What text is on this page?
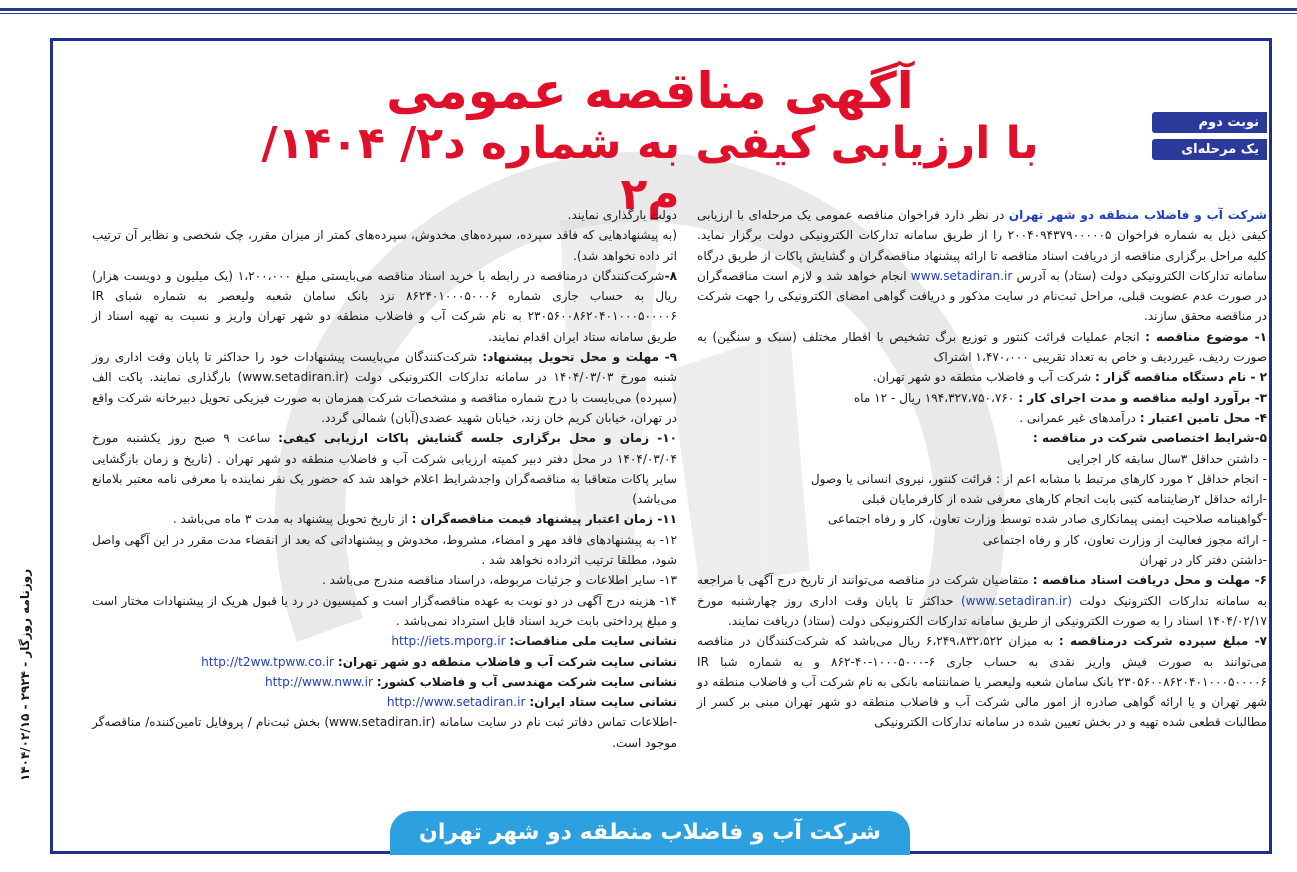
آگهی مناقصه عمومی
با ارزیابی کیفی به شماره د۲/ ۱۴۰۴/ م۲
نوبت دوم
یک مرحله‌ای

شرکت آب و فاضلاب منطقه دو شهر تهران در نظر دارد فراخوان مناقصه عمومی یک مرحله‌ای با ارزیابی کیفی ذیل به شماره فراخوان ۲۰۰۴۰۹۴۳۷۹۰۰۰۰۰۵ را از طریق سامانه تدارکات الکترونیکی دولت برگزار نماید. کلیه مراحل برگزاری مناقصه از دریافت اسناد مناقصه تا ارائه پیشنهاد مناقصه‌گران و گشایش پاکات از طریق درگاه سامانه تدارکات الکترونیکی دولت (ستاد) به آدرس www.setadiran.ir انجام خواهد شد و لازم است مناقصه‌گران در صورت عدم عضویت قبلی، مراحل ثبت‌نام در سایت مذکور و دریافت گواهی امضای الکترونیکی را جهت شرکت در مناقصه محقق سازند.

۱- موضوع مناقصه : انجام عملیات قرائت کنتور و توزیع برگ تشخیص با اقطار مختلف (سبک و سنگین) به صورت ردیف، غیرردیف و خاص به تعداد تقریبی ۱،۴۷۰،۰۰۰ اشتراک

۲ - نام دستگاه مناقصه گزار : شرکت آب و فاضلاب منطقه دو شهر تهران.

۳- برآورد اولیه مناقصه و مدت اجرای کار : ۱۹۴،۳۲۷،۷۵۰،۷۶۰ ریال - ۱۲ ماه

۴- محل تامین اعتبار : درآمدهای غیر عمرانی .

۵-شرایط اختصاصی شرکت در مناقصه :

- داشتن حداقل ۳سال سابقه کار اجرایی

- انجام حداقل ۲ مورد کارهای مرتبط با مشابه اعم از : قرائت کنتور، نیروی انسانی یا وصول

-ارائه حداقل ۲رضایتنامه کتبی بابت انجام کارهای معرفی شده از کارفرمایان قبلی

-گواهینامه صلاحیت ایمنی پیمانکاری صادر شده توسط وزارت تعاون، کار و رفاه اجتماعی

- ارائه مجوز فعالیت از وزارت تعاون، کار و رفاه اجتماعی

-داشتن دفتر کار در تهران

۶- مهلت و محل دریافت اسناد مناقصه : متقاضیان شرکت در مناقصه می‌توانند از تاریخ درج آگهی با مراجعه به سامانه تدارکات الکترونیک دولت (www.setadiran.ir) حداکثر تا پایان وقت اداری روز چهارشنبه مورخ ۱۴۰۴/۰۲/۱۷ اسناد را به صورت الکترونیکی از طریق سامانه تدارکات الکترونیکی دولت (ستاد) دریافت نمایند.

۷- مبلغ سپرده شرکت درمناقصه : به میزان ۶،۲۴۹،۸۳۲،۵۲۲ ریال می‌باشد که شرکت‌کنندگان در مناقصه می‌توانند به صورت فیش واریز نقدی به حساب جاری ۶-۱۰۰۰۵۰۰۰-۴۰-۸۶۲ و به شماره شبا IR ۲۳۰۵۶۰۰۸۶۲۰۴۰۱۰۰۰۵۰۰۰۰۶ بانک سامان شعبه ولیعصر یا ضمانتنامه بانکی به نام شرکت آب و فاضلاب منطقه دو شهر تهران و یا ارائه گواهی صادره از امور مالی شرکت آب و فاضلاب منطقه دو شهر تهران مبنی بر کسر از مطالبات قطعی شده تهیه و در بخش تعیین شده در سامانه تدارکات الکترونیکی

دولت بارگذاری نمایند.

(به پیشنهادهایی که فاقد سپرده، سپرده‌های مخدوش، سپرده‌های کمتر از میزان مقرر، چک شخصی و نظایر آن ترتیب اثر داده نخواهد شد).

۸-شرکت‌کنندگان درمناقصه در رابطه با خرید اسناد مناقصه می‌بایستی مبلغ ۱،۲۰۰،۰۰۰ (یک میلیون و دویست هزار) ریال به حساب جاری شماره ۸۶۲۴۰۱۰۰۰۵۰۰۰۶ نزد بانک سامان شعبه ولیعصر به شماره شبای IR ۲۳۰۵۶۰۰۸۶۲۰۴۰۱۰۰۰۵۰۰۰۰۶ به نام شرکت آب و فاضلاب منطقه دو شهر تهران واریز و نسبت به تهیه اسناد از طریق سامانه ستاد ایران اقدام نمایند.

۹- مهلت و محل تحویل پیشنهاد: شرکت‌کنندگان می‌بایست پیشنهادات خود را حداکثر تا پایان وقت اداری روز شنبه مورخ ۱۴۰۴/۰۳/۰۳ در سامانه تدارکات الکترونیکی دولت (www.setadiran.ir) بارگذاری نمایند. پاکت الف (سپرده) می‌بایست با درج شماره مناقصه و مشخصات شرکت همزمان به صورت فیزیکی تحویل دبیرخانه شرکت واقع در تهران، خیابان کریم خان زند، خیابان شهید عضدی(آبان) شمالی گردد.

۱۰- زمان و محل برگزاری جلسه گشایش پاکات ارزیابی کیفی: ساعت ۹ صبح روز یکشنبه مورخ ۱۴۰۴/۰۳/۰۴ در محل دفتر دبیر کمیته ارزیابی شرکت آب و فاضلاب منطقه دو شهر تهران . (تاریخ و زمان بازگشایی سایر پاکات متعاقبا به مناقصه‌گران واجدشرایط اعلام خواهد شد که حضور یک نفر نماینده با معرفی نامه معتبر بلامانع می‌باشد)

۱۱- زمان اعتبار پیشنهاد قیمت مناقصه‌گران : از تاریخ تحویل پیشنهاد به مدت ۳ ماه می‌باشد .

۱۲- به پیشنهادهای فاقد مهر و امضاء، مشروط، مخدوش و پیشنهاداتی که بعد از انقضاء مدت مقرر در این آگهی واصل شود، مطلقا ترتیب اثرداده نخواهد شد .

۱۳- سایر اطلاعات و جزئیات مربوطه، دراسناد مناقصه مندرج می‌باشد .

۱۴- هزینه درج آگهی در دو نوبت به عهده مناقصه‌گزار است و کمیسیون در رد یا قبول هریک از پیشنهادات مختار است و مبلغ پرداختی بابت خرید اسناد قابل استرداد نمی‌باشد .

نشانی سایت ملی مناقصات: http://iets.mporg.ir

نشانی سایت شرکت آب و فاضلاب منطقه دو شهر تهران: http://t2ww.tpww.co.ir

نشانی سایت شرکت مهندسی آب و فاضلاب کشور: http://www.nww.ir

نشانی سایت ستاد ایران: http://www.setadiran.ir

-اطلاعات تماس دفاتر ثبت نام در سایت سامانه (www.setadiran.ir) بخش ثبت‌نام / پروفایل تامین‌کننده/ مناقصه‌گر موجود است.

روزنامه روزگار - ۲۹۲۴ - ۱۴۰۴/۰۲/۱۵
شرکت آب و فاضلاب منطقه دو شهر تهران
